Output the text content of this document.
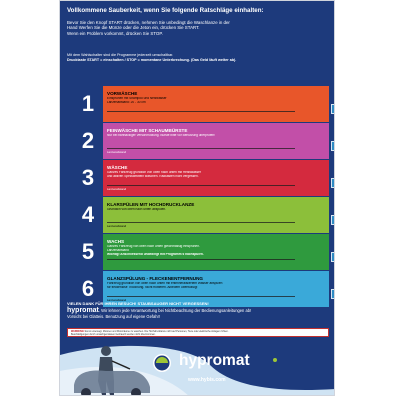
Vollkommene Sauberkeit, wenn Sie folgende Ratschläge einhalten:
Bevor Sie den Knopf START drücken, nehmen Sie unbedingt die Waschlanze in der
Hand Werfen Sie die Münze oder die Jeton ein, drücken Sie START.
Wenn ein Problem vorkommt, drücken Sie STOP.
Mit dem Wahlschalter sind die Programme jederzeit umschaltbar.
Drucktaste START = einschalten / STOP = momentane Unterbrechung. (Das Geld läuft weiter ab).
1	VORWÄSCHE
Einsprühen mit Shampoo und Netzwasser
Lanzenabstand: 20 - 30 cm
2	FEINWÄSCHE MIT SCHAUMBÜRSTE
Nur bei hartnäckiger Verschmutzung. Bürste bitte vor Benutzung überprüfen!
Lanzenabstand
3	WÄSCHE
Ganzes Fahrzeug gründlich von oben nach unten mit Heisswasser
und aktiven Spezialmitteln waschen. Radkästen nicht vergessen.
Lanzenabstand
4	KLARSPÜLEN MIT HOCHDRUCKLANZE
Gründlich von oben nach unten abspülen.
Lanzenabstand
5	WACHS
Ganzes Fahrzeug von oben nach unten gleichmässig einsprühen.
Lanzenabstand
Wichtig! Anschliessend unbedingt mit Programm 6 nachspülen.
6	GLANZSPÜLUNG - FLECKENENTFERNUNG
Fahrzeug gründlich von oben nach unten mit entmineralisiertem Wasser abspülen
für fleckenlose Trocknung. Nicht frottieren. Abledern überflüssig!
Lanzenabstand
VIELEN DANK FÜR IHREN BESUCH! STAUBSAUGER NICHT VERGESSEN!
hypromat. Wir lehnen jede Verantwortung bei Nichtbeachtung der Bedienungsanleitungen ab!
Vorsicht bei Glatteis. Benutzung auf eigene Gefahr!
WARNUNG! Es ist untersagt, Motoren und Motorräume zu waschen. Die Hochdrucklanze nicht auf Personen, Tiere oder elektrische Anlagen richten.
Beschädigungen durch unsachgemässen Gebrauch werden nicht übernommen.
hypromat
www.hybis.com
